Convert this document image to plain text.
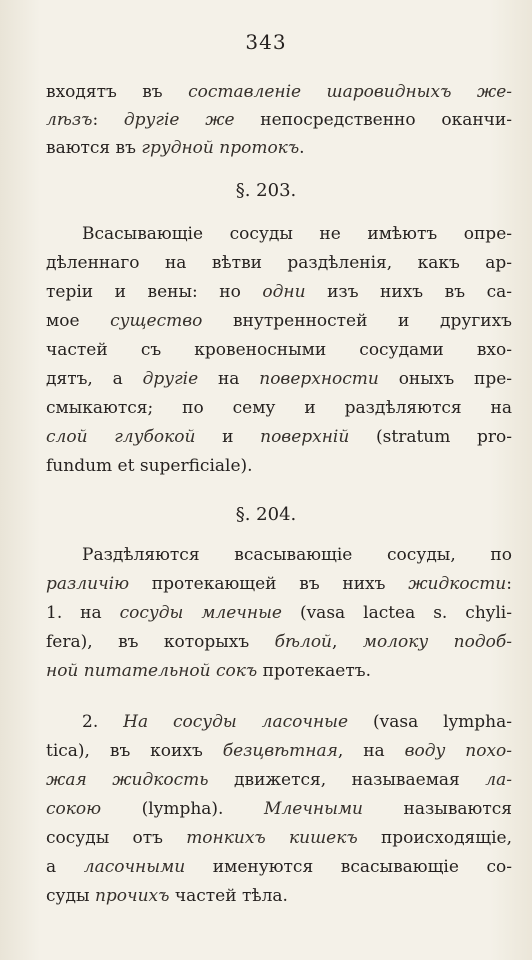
343
входятъ въ составленіе шаровидныхъ же-
лѣзъ: другіе же непосредственно оканчи-
ваются въ грудной протокъ.
§. 203.
Всасывающіе сосуды не имѣютъ опре-
дѣленнаго на вѣтви раздѣленія, какъ ар-
теріи и вены: но одни изъ нихъ въ са-
мое существо внутренностей и другихъ
частей съ кровеносными сосудами вхо-
дятъ, а другіе на поверхности оныхъ пре-
смыкаются; по сему и раздѣляются на
слой глубокой и поверхній (stratum pro-
fundum et superficiale).
§. 204.
Раздѣляются всасывающіе сосуды, по
различію протекающей въ нихъ жидкости:
1. на сосуды млечные (vasa lactea s. chyli-
fera), въ которыхъ бѣлой, молоку подоб-
ной питательной сокъ протекаетъ.
2. На сосуды ласочные (vasa lympha-
tica), въ коихъ безцвѣтная, на воду похо-
жая жидкость движется, называемая ла-
сокою (lympha). Млечными называются
сосуды отъ тонкихъ кишекъ происходящіе,
а ласочными именуются всасывающіе со-
суды прочихъ частей тѣла.
